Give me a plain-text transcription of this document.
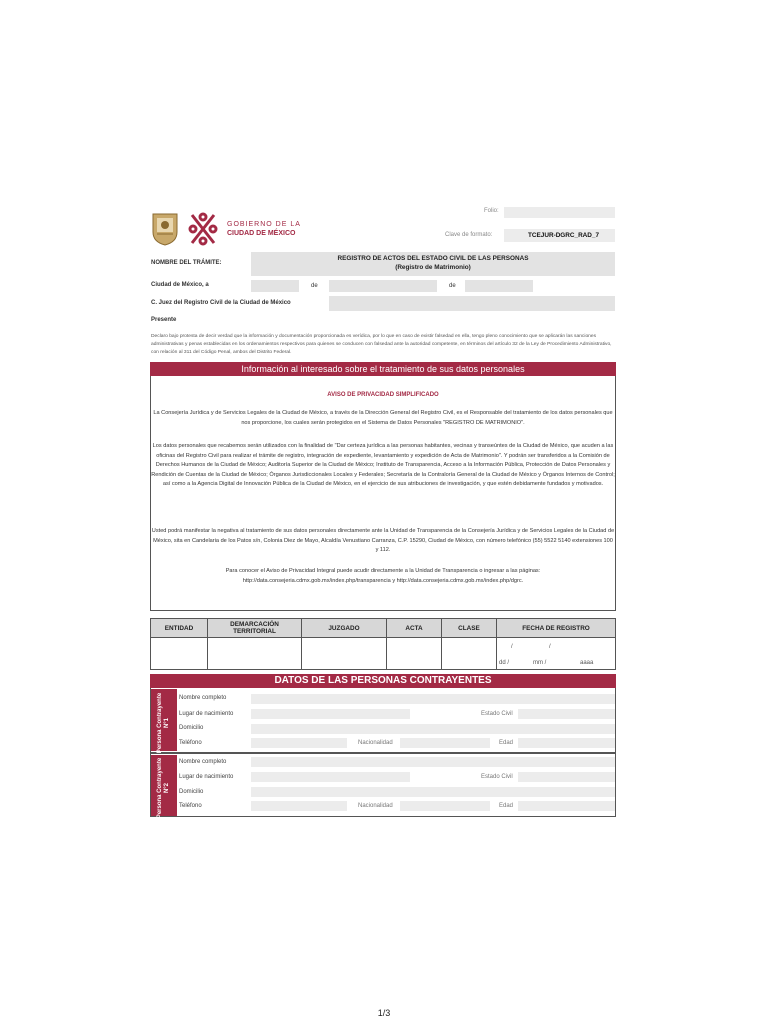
GOBIERNO DE LA
CIUDAD DE MÉXICO
Folio:
Clave de formato:	TCEJUR-DGRC_RAD_7
NOMBRE DEL TRÁMITE:
REGISTRO DE ACTOS DEL ESTADO CIVIL DE LAS PERSONAS
(Registro de Matrimonio)
Ciudad de México, a	de	de
C. Juez del Registro Civil de la Ciudad de México
Presente
Declaro bajo protesta de decir verdad que la información y documentación proporcionada es verídica, por lo que en caso de existir falsedad en ella, tengo pleno conocimiento que se aplicarán las sanciones administrativas y penas establecidas en los ordenamientos respectivos para quienes se conducen con falsedad ante la autoridad competente, en términos del artículo 32 de la Ley de Procedimiento Administrativo, con relación al 311 del Código Penal, ambos del Distrito Federal.
Información al interesado sobre el tratamiento de sus datos personales
AVISO DE PRIVACIDAD SIMPLIFICADO

La Consejería Jurídica y de Servicios Legales de la Ciudad de México, a través de la Dirección General del Registro Civil, es el Responsable del tratamiento de los datos personales que nos proporcione, los cuales serán protegidos en el Sistema de Datos Personales "REGISTRO DE MATRIMONIO".

Los datos personales que recabemos serán utilizados con la finalidad de "Dar certeza jurídica a las personas habitantes, vecinas y transeúntes de la Ciudad de México, que acuden a las oficinas del Registro Civil para realizar el trámite de registro, integración de expediente, levantamiento y expedición de Acta de Matrimonio". Y podrán ser transferidos a la Comisión de Derechos Humanos de la Ciudad de México; Auditoría Superior de la Ciudad de México; Instituto de Transparencia, Acceso a la Información Pública, Protección de Datos Personales y Rendición de Cuentas de la Ciudad de México; Órganos Jurisdiccionales Locales y Federales; Secretaría de la Contraloría General de la Ciudad de México y Órganos Internos de Control; así como a la Agencia Digital de Innovación Pública de la Ciudad de México, en el ejercicio de sus atribuciones de investigación, y que estén debidamente fundados y motivados.

Usted podrá manifestar la negativa al tratamiento de sus datos personales directamente ante la Unidad de Transparencia de la Consejería Jurídica y de Servicios Legales de la Ciudad de México, sita en Candelaria de los Patos s/n, Colonia Diez de Mayo, Alcaldía Venustiano Carranza, C.P. 15290, Ciudad de México, con número telefónico (55) 5522 5140 extensiones 100 y 112.

Para conocer el Aviso de Privacidad Integral puede acudir directamente a la Unidad de Transparencia o ingresar a las páginas: http://data.consejeria.cdmx.gob.mx/index.php/transparencia y http://data.consejeria.cdmx.gob.mx/index.php/dgrc.

ENTIDAD	DEMARCACIÓN TERRITORIAL	JUZGADO	ACTA	CLASE	FECHA DE REGISTRO

/	/
dd /	mm /	aaaa
DATOS DE LAS PERSONAS CONTRAYENTES
Persona Contrayente N°1
Nombre completo
Lugar de nacimiento	Estado Civil
Domicilio
Teléfono	Nacionalidad	Edad
Persona Contrayente N°2
Nombre completo
Lugar de nacimiento	Estado Civil
Domicilio
Teléfono	Nacionalidad	Edad
1/3
